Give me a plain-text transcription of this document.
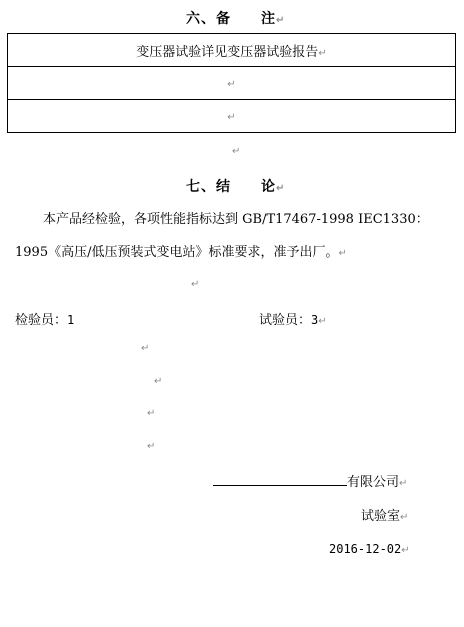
六、备　　注↵
变压器试验详见变压器试验报告↵
↵
↵
↵
七、结　　论↵
本产品经检验，各项性能指标达到 GB/T17467-1998 IEC1330：
1995《高压/低压预装式变电站》标准要求，准予出厂。↵
↵
检验员：1	试验员：3↵
↵
↵
↵
↵
有限公司↵
试验室↵
2016-12-02↵
